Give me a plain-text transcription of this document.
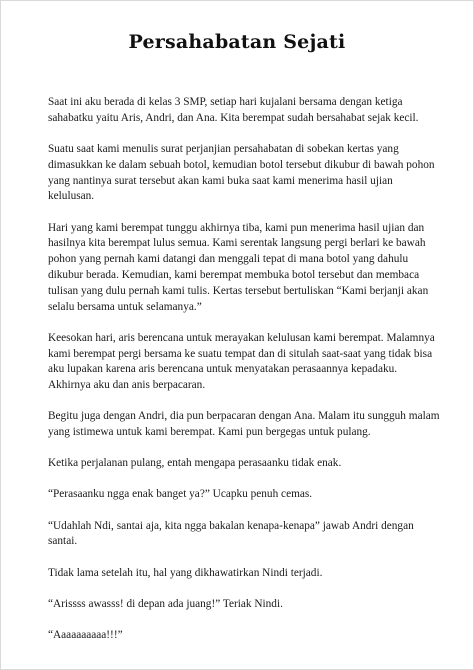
Persahabatan Sejati

Saat ini aku berada di kelas 3 SMP, setiap hari kujalani bersama dengan ketiga sahabatku yaitu Aris, Andri, dan Ana. Kita berempat sudah bersahabat sejak kecil.

Suatu saat kami menulis surat perjanjian persahabatan di sobekan kertas yang dimasukkan ke dalam sebuah botol, kemudian botol tersebut dikubur di bawah pohon yang nantinya surat tersebut akan kami buka saat kami menerima hasil ujian kelulusan.

Hari yang kami berempat tunggu akhirnya tiba, kami pun menerima hasil ujian dan hasilnya kita berempat lulus semua. Kami serentak langsung pergi berlari ke bawah pohon yang pernah kami datangi dan menggali tepat di mana botol yang dahulu dikubur berada. Kemudian, kami berempat membuka botol tersebut dan membaca tulisan yang dulu pernah kami tulis. Kertas tersebut bertuliskan “Kami berjanji akan selalu bersama untuk selamanya.”

Keesokan hari, aris berencana untuk merayakan kelulusan kami berempat. Malamnya kami berempat pergi bersama ke suatu tempat dan di situlah saat-saat yang tidak bisa aku lupakan karena aris berencana untuk menyatakan perasaannya kepadaku. Akhirnya aku dan anis berpacaran.

Begitu juga dengan Andri, dia pun berpacaran dengan Ana. Malam itu sungguh malam yang istimewa untuk kami berempat. Kami pun bergegas untuk pulang.

Ketika perjalanan pulang, entah mengapa perasaanku tidak enak.

“Perasaanku ngga enak banget ya?” Ucapku penuh cemas.

“Udahlah Ndi, santai aja, kita ngga bakalan kenapa-kenapa” jawab Andri dengan santai.

Tidak lama setelah itu, hal yang dikhawatirkan Nindi terjadi.

“Arissss awasss! di depan ada juang!” Teriak Nindi.

“Aaaaaaaaaa!!!”
